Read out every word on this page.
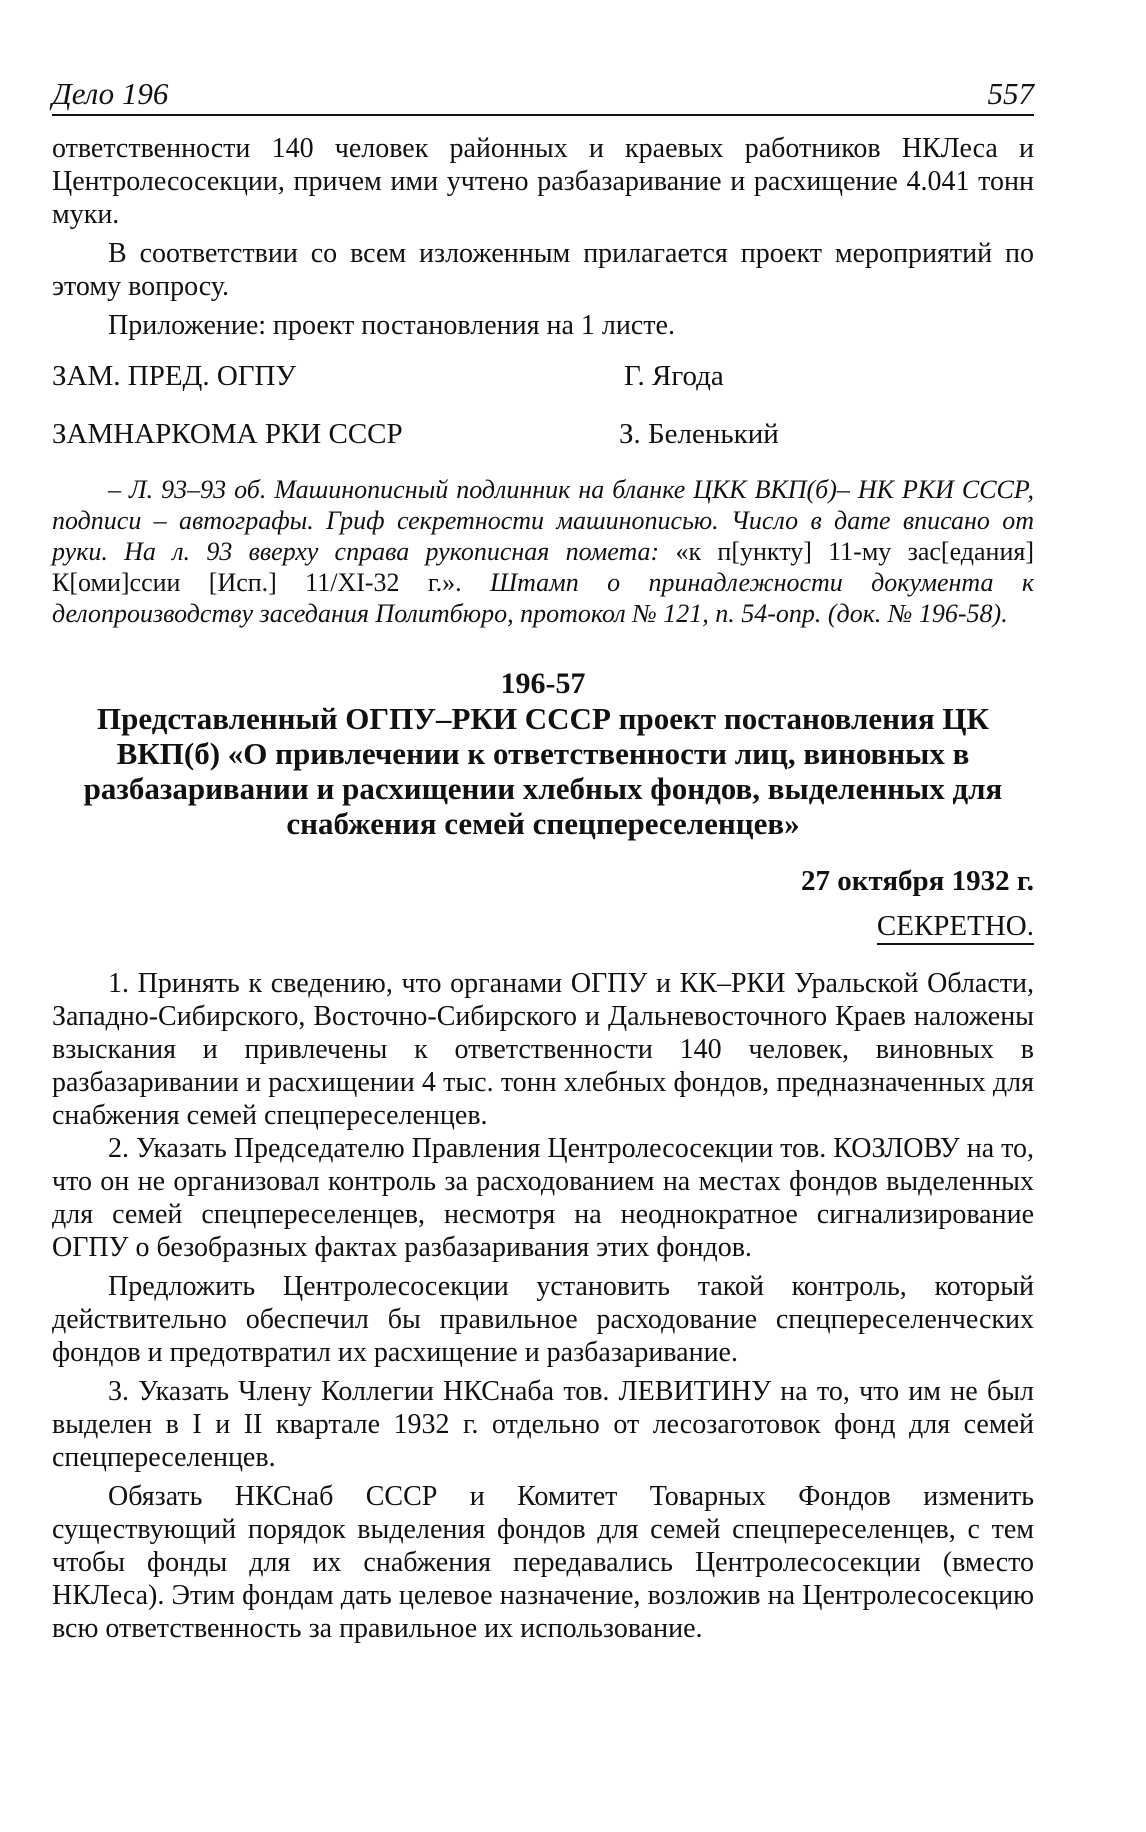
Дело 196	557

ответственности 140 человек районных и краевых работников НКЛеса и Центролесосекции, причем ими учтено разбазаривание и расхищение 4.041 тонн муки.

В соответствии со всем изложенным прилагается проект мероприятий по этому вопросу.

Приложение: проект постановления на 1 листе.

ЗАМ. ПРЕД. ОГПУ	Г. Ягода
ЗАМНАРКОМА РКИ СССР	З. Беленький

– Л. 93–93 об. Машинописный подлинник на бланке ЦКК ВКП(б)– НК РКИ СССР, подписи – автографы. Гриф секретности машинописью. Число в дате вписано от руки. На л. 93 вверху справа рукописная помета: «к п[ункту] 11-му зас[едания] К[оми]ссии [Исп.] 11/XI-32 г.». Штамп о принадлежности документа к делопроизводству заседания Политбюро, протокол № 121, п. 54-опр. (док. № 196-58).

196-57

Представленный ОГПУ–РКИ СССР проект постановления ЦК ВКП(б) «О привлечении к ответственности лиц, виновных в разбазаривании и расхищении хлебных фондов, выделенных для снабжения семей спецпереселенцев»

27 октября 1932 г.

СЕКРЕТНО.

1. Принять к сведению, что органами ОГПУ и КК–РКИ Уральской Области, Западно-Сибирского, Восточно-Сибирского и Дальневосточного Краев наложены взыскания и привлечены к ответственности 140 человек, виновных в разбазаривании и расхищении 4 тыс. тонн хлебных фондов, предназначенных для снабжения семей спецпереселенцев.

2. Указать Председателю Правления Центролесосекции тов. КОЗЛОВУ на то, что он не организовал контроль за расходованием на местах фондов выделенных для семей спецпереселенцев, несмотря на неоднократное сигнализирование ОГПУ о безобразных фактах разбазаривания этих фондов.

Предложить Центролесосекции установить такой контроль, который действительно обеспечил бы правильное расходование спецпереселенческих фондов и предотвратил их расхищение и разбазаривание.

3. Указать Члену Коллегии НКСнаба тов. ЛЕВИТИНУ на то, что им не был выделен в I и II квартале 1932 г. отдельно от лесозаготовок фонд для семей спецпереселенцев.

Обязать НКСнаб СССР и Комитет Товарных Фондов изменить существующий порядок выделения фондов для семей спецпереселенцев, с тем чтобы фонды для их снабжения передавались Центролесосекции (вместо НКЛеса). Этим фондам дать целевое назначение, возложив на Центролесосекцию всю ответственность за правильное их использование.
